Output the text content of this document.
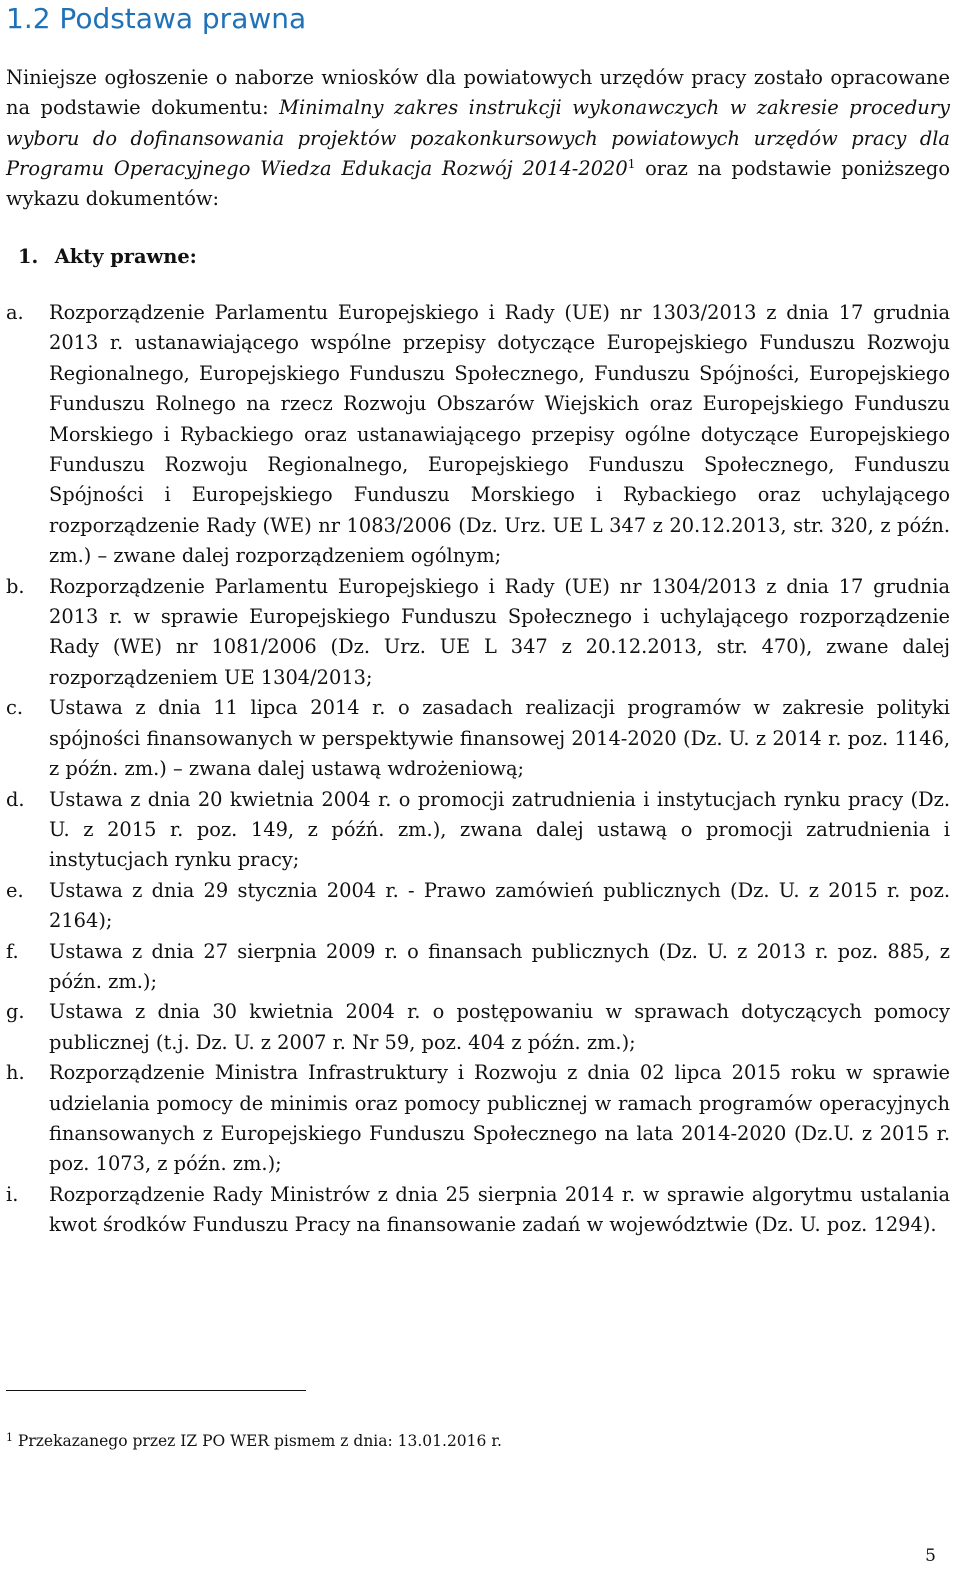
1.2 Podstawa prawna

Niniejsze ogłoszenie o naborze wniosków dla powiatowych urzędów pracy zostało opracowane na podstawie dokumentu: Minimalny zakres instrukcji wykonawczych w zakresie procedury wyboru do dofinansowania projektów pozakonkursowych powiatowych urzędów pracy dla Programu Operacyjnego Wiedza Edukacja Rozwój 2014-2020$^1$ oraz na podstawie poniższego wykazu dokumentów:

1. Akty prawne:

a. Rozporządzenie Parlamentu Europejskiego i Rady (UE) nr 1303/2013 z dnia 17 grudnia 2013 r. ustanawiającego wspólne przepisy dotyczące Europejskiego Funduszu Rozwoju Regionalnego, Europejskiego Funduszu Społecznego, Funduszu Spójności, Europejskiego Funduszu Rolnego na rzecz Rozwoju Obszarów Wiejskich oraz Europejskiego Funduszu Morskiego i Rybackiego oraz ustanawiającego przepisy ogólne dotyczące Europejskiego Funduszu Rozwoju Regionalnego, Europejskiego Funduszu Społecznego, Funduszu Spójności i Europejskiego Funduszu Morskiego i Rybackiego oraz uchylającego rozporządzenie Rady (WE) nr 1083/2006 (Dz. Urz. UE L 347 z 20.12.2013, str. 320, z późn. zm.) – zwane dalej rozporządzeniem ogólnym;
b. Rozporządzenie Parlamentu Europejskiego i Rady (UE) nr 1304/2013 z dnia 17 grudnia 2013 r. w sprawie Europejskiego Funduszu Społecznego i uchylającego rozporządzenie Rady (WE) nr 1081/2006 (Dz. Urz. UE L 347 z 20.12.2013, str. 470), zwane dalej rozporządzeniem UE 1304/2013;
c. Ustawa z dnia 11 lipca 2014 r. o zasadach realizacji programów w zakresie polityki spójności finansowanych w perspektywie finansowej 2014-2020 (Dz. U. z 2014 r. poz. 1146, z późn. zm.) – zwana dalej ustawą wdrożeniową;
d. Ustawa z dnia 20 kwietnia 2004 r. o promocji zatrudnienia i instytucjach rynku pracy (Dz. U. z 2015 r. poz. 149, z późń. zm.), zwana dalej ustawą o promocji zatrudnienia i instytucjach rynku pracy;
e. Ustawa z dnia 29 stycznia 2004 r. - Prawo zamówień publicznych (Dz. U. z 2015 r. poz. 2164);
f. Ustawa z dnia 27 sierpnia 2009 r. o finansach publicznych (Dz. U. z 2013 r. poz. 885, z późn. zm.);
g. Ustawa z dnia 30 kwietnia 2004 r. o postępowaniu w sprawach dotyczących pomocy publicznej (t.j. Dz. U. z 2007 r. Nr 59, poz. 404 z późn. zm.);
h. Rozporządzenie Ministra Infrastruktury i Rozwoju z dnia 02 lipca 2015 roku w sprawie udzielania pomocy de minimis oraz pomocy publicznej w ramach programów operacyjnych finansowanych z Europejskiego Funduszu Społecznego na lata 2014-2020 (Dz.U. z 2015 r. poz. 1073, z późn. zm.);
i. Rozporządzenie Rady Ministrów z dnia 25 sierpnia 2014 r. w sprawie algorytmu ustalania kwot środków Funduszu Pracy na finansowanie zadań w województwie (Dz. U. poz. 1294).

$^1$ Przekazanego przez IZ PO WER pismem z dnia: 13.01.2016 r.

5
